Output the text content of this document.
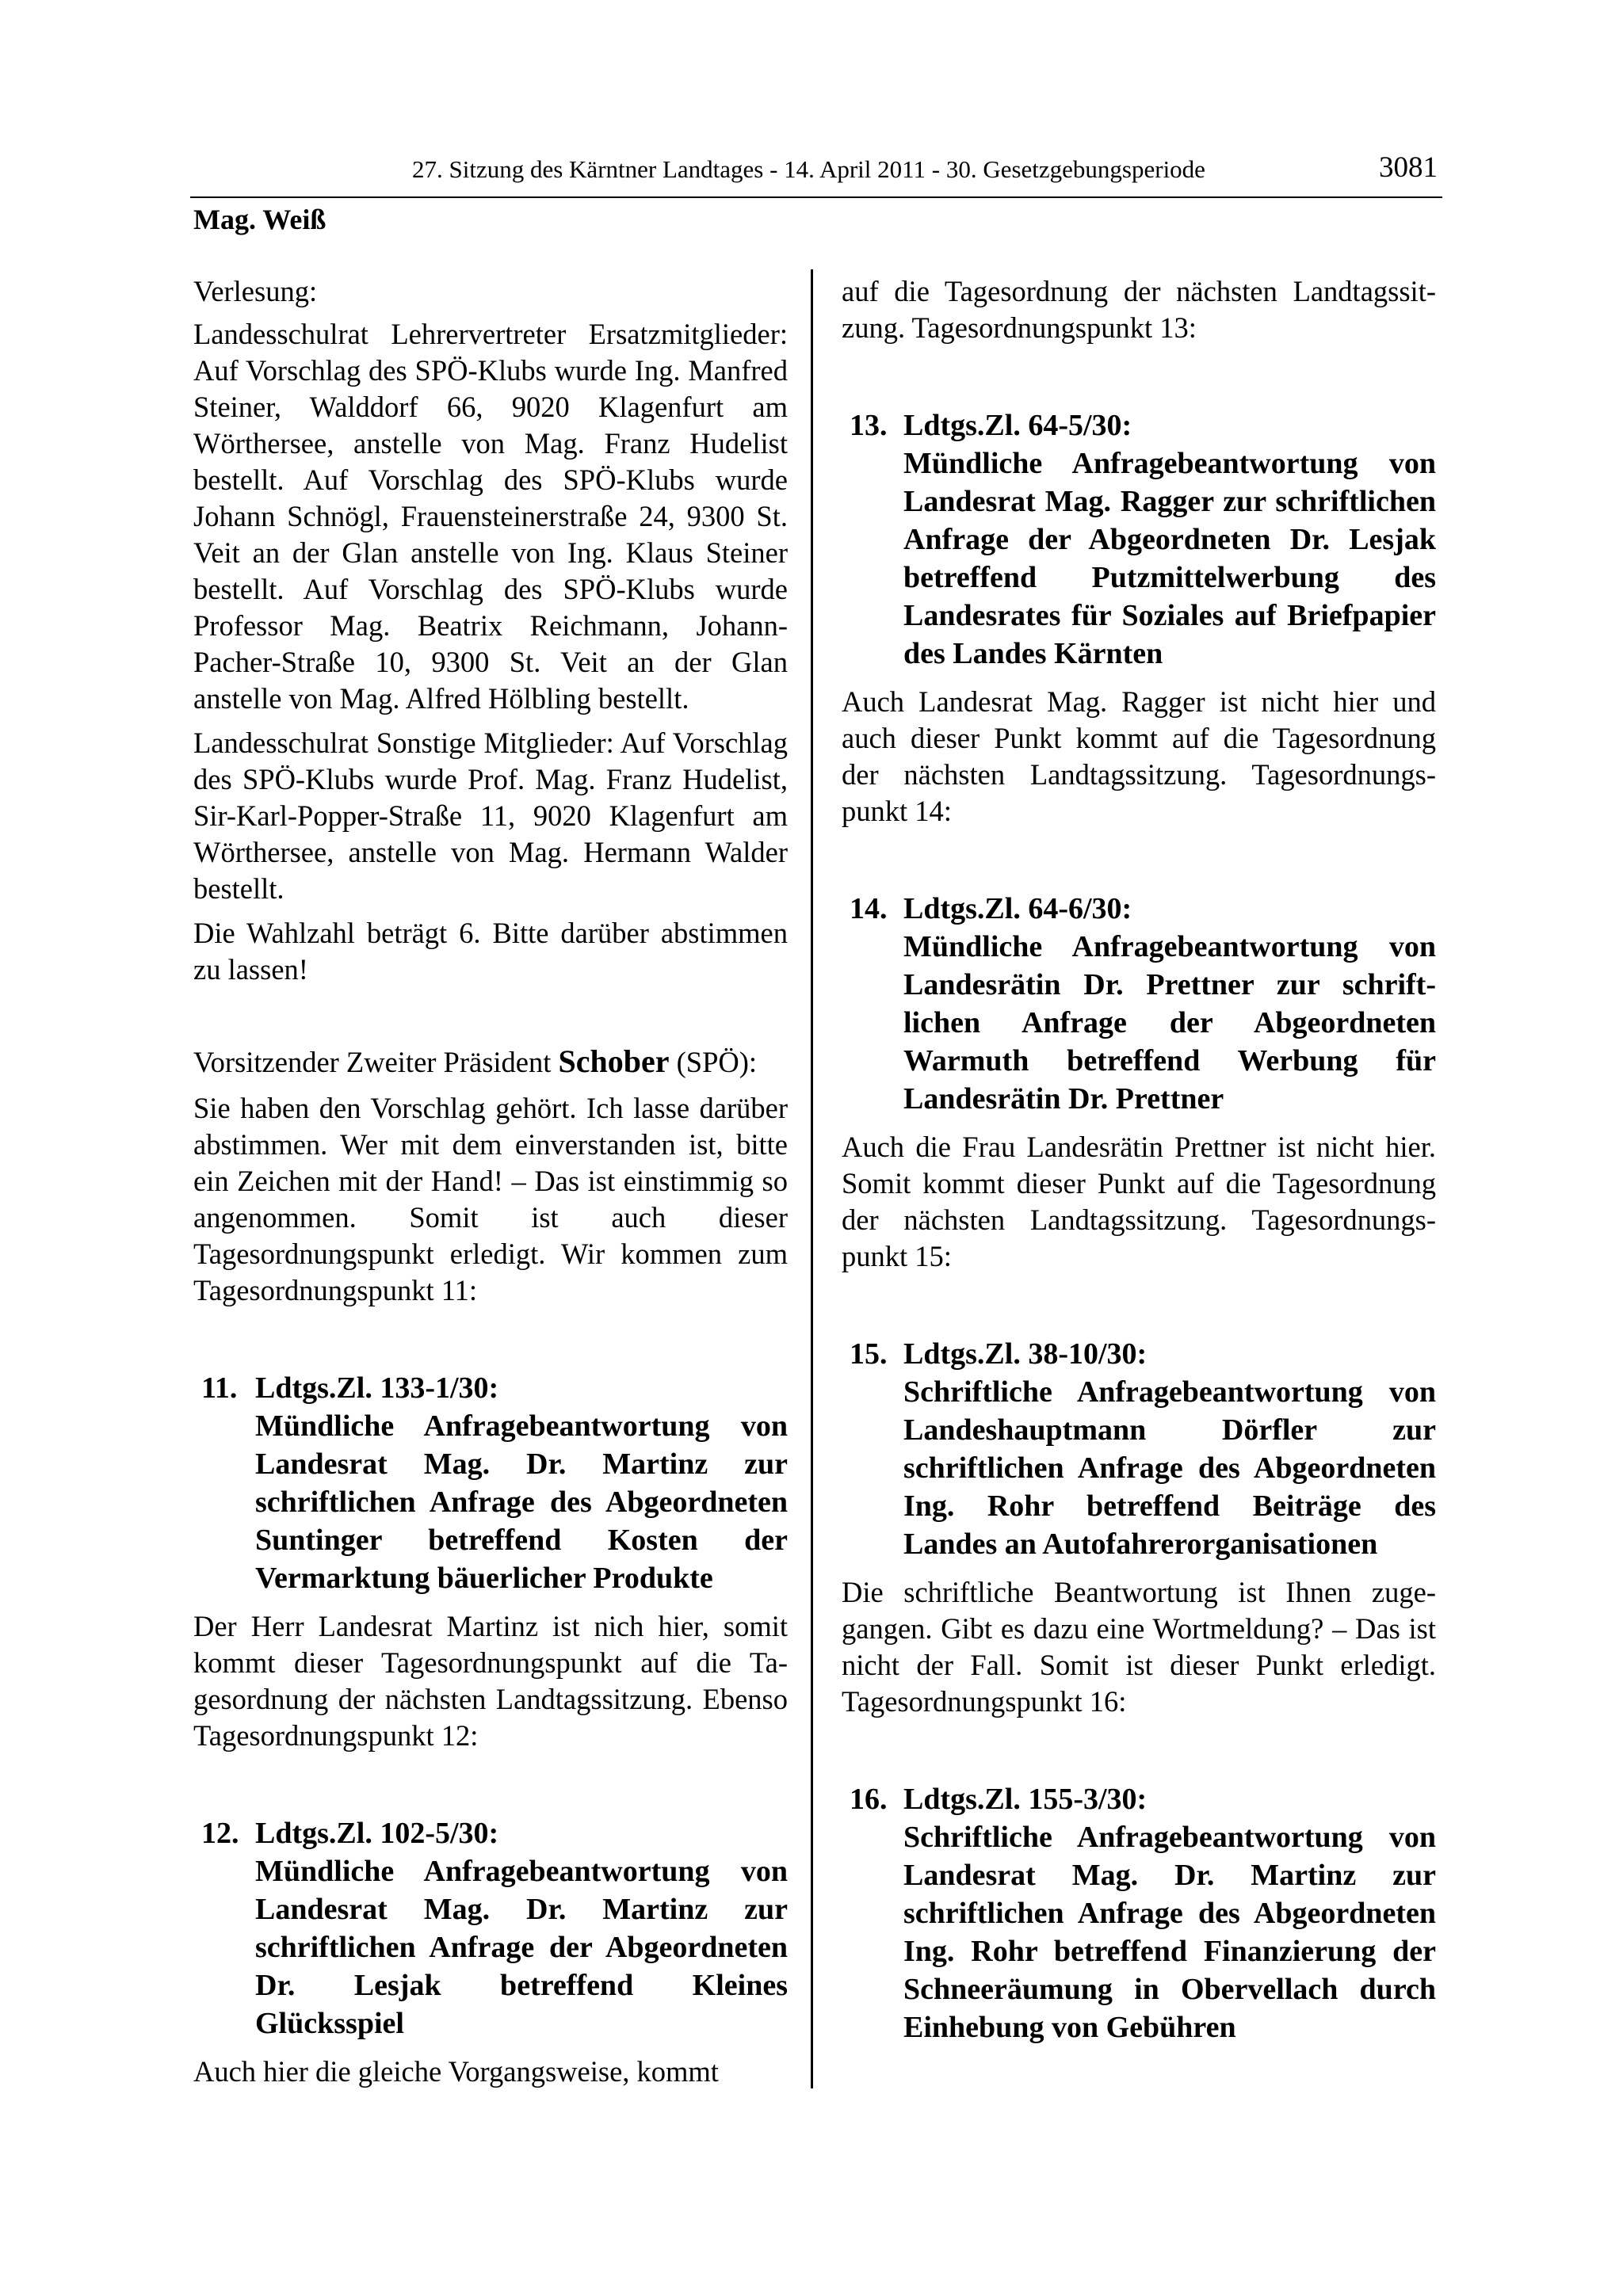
27. Sitzung des Kärntner Landtages - 14. April 2011 - 30. Gesetzgebungsperiode	3081
Mag. Weiß

Verlesung:

Landesschulrat Lehrervertreter Ersatzmitglieder: Auf Vorschlag des SPÖ-Klubs wurde Ing. Manfred Steiner, Walddorf 66, 9020 Klagenfurt am Wörthersee, anstelle von Mag. Franz Hudelist bestellt. Auf Vorschlag des SPÖ-Klubs wurde Johann Schnögl, Frauensteinerstraße 24, 9300 St. Veit an der Glan anstelle von Ing. Klaus Steiner bestellt. Auf Vorschlag des SPÖ-Klubs wurde Professor Mag. Beatrix Reichmann, Johann-Pacher-Straße 10, 9300 St. Veit an der Glan anstelle von Mag. Alfred Hölbling bestellt.

Landesschulrat Sonstige Mitglieder: Auf Vorschlag des SPÖ-Klubs wurde Prof. Mag. Franz Hudelist, Sir-Karl-Popper-Straße 11, 9020 Klagenfurt am Wörthersee, anstelle von Mag. Hermann Walder bestellt.

Die Wahlzahl beträgt 6. Bitte darüber abstimmen zu lassen!

Vorsitzender Zweiter Präsident Schober (SPÖ):

Sie haben den Vorschlag gehört. Ich lasse darüber abstimmen. Wer mit dem einverstanden ist, bitte ein Zeichen mit der Hand! – Das ist einstimmig so angenommen. Somit ist auch dieser Tagesordnungspunkt erledigt. Wir kommen zum Tagesordnungspunkt 11:

11. Ldtgs.Zl. 133-1/30:
Mündliche Anfragebeantwortung von Landesrat Mag. Dr. Martinz zur schriftlichen Anfrage des Abgeordneten Suntinger betreffend Kosten der Vermarktung bäuerlicher Produkte

Der Herr Landesrat Martinz ist nich hier, somit kommt dieser Tagesordnungspunkt auf die Tagesordnung der nächsten Landtagssitzung. Ebenso Tagesordnungspunkt 12:

12. Ldtgs.Zl. 102-5/30:
Mündliche Anfragebeantwortung von Landesrat Mag. Dr. Martinz zur schriftlichen Anfrage der Abgeordneten Dr. Lesjak betreffend Kleines Glücksspiel

Auch hier die gleiche Vorgangsweise, kommt

auf die Tagesordnung der nächsten Landtagssitzung. Tagesordnungspunkt 13:

13. Ldtgs.Zl. 64-5/30:
Mündliche Anfragebeantwortung von Landesrat Mag. Ragger zur schriftlichen Anfrage der Abgeordneten Dr. Lesjak betreffend Putzmittelwerbung des Landesrates für Soziales auf Briefpapier des Landes Kärnten

Auch Landesrat Mag. Ragger ist nicht hier und auch dieser Punkt kommt auf die Tagesordnung der nächsten Landtagssitzung. Tagesordnungspunkt 14:

14. Ldtgs.Zl. 64-6/30:
Mündliche Anfragebeantwortung von Landesrätin Dr. Prettner zur schriftlichen Anfrage der Abgeordneten Warmuth betreffend Werbung für Landesrätin Dr. Prettner

Auch die Frau Landesrätin Prettner ist nicht hier. Somit kommt dieser Punkt auf die Tagesordnung der nächsten Landtagssitzung. Tagesordnungspunkt 15:

15. Ldtgs.Zl. 38-10/30:
Schriftliche Anfragebeantwortung von Landeshauptmann Dörfler zur schriftlichen Anfrage des Abgeordneten Ing. Rohr betreffend Beiträge des Landes an Autofahrerorganisationen

Die schriftliche Beantwortung ist Ihnen zugegangen. Gibt es dazu eine Wortmeldung? – Das ist nicht der Fall. Somit ist dieser Punkt erledigt. Tagesordnungspunkt 16:

16. Ldtgs.Zl. 155-3/30:
Schriftliche Anfragebeantwortung von Landesrat Mag. Dr. Martinz zur schriftlichen Anfrage des Abgeordneten Ing. Rohr betreffend Finanzierung der Schneeräumung in Obervellach durch Einhebung von Gebühren
